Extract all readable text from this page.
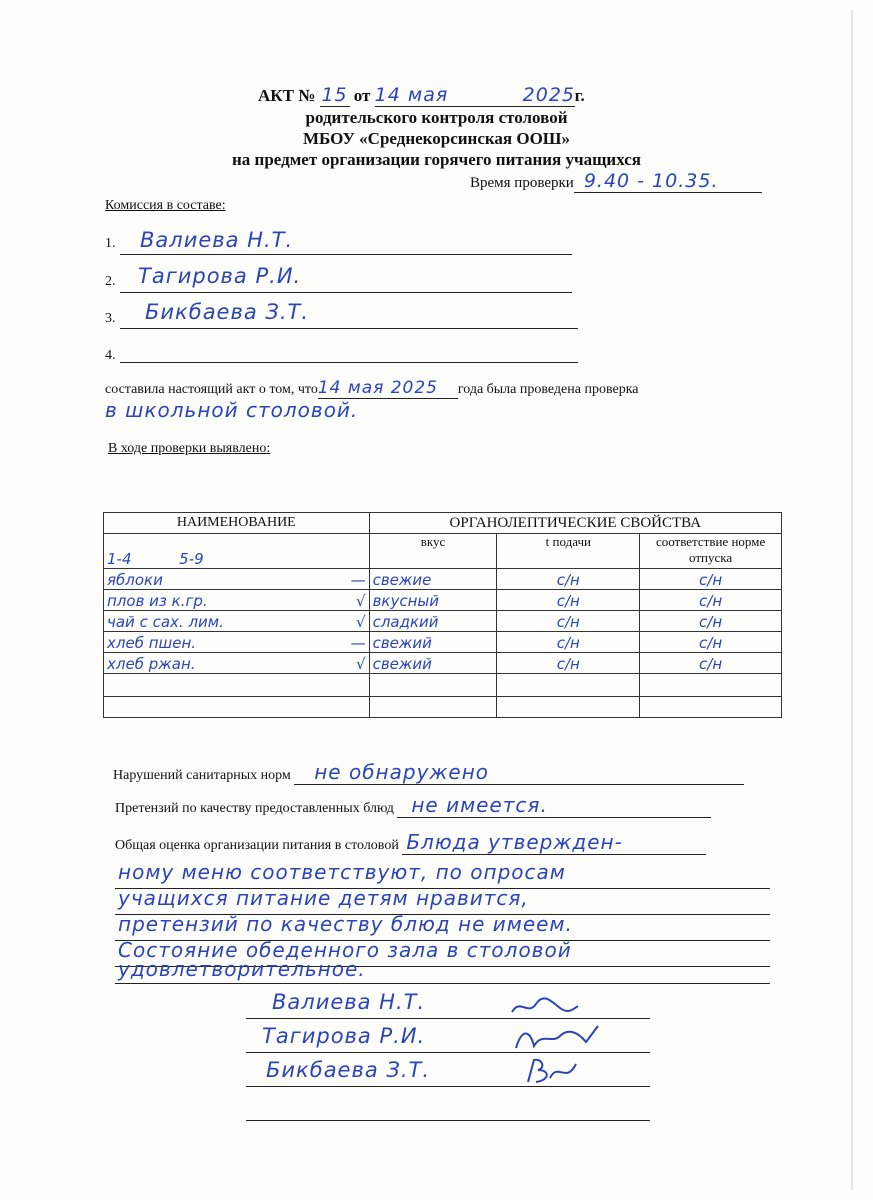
АКТ № 15 от 14 мая	2025г.
родительского контроля столовой
МБОУ «Среднекорсинская ООШ»
на предмет организации горячего питания учащихся
Время проверки 9.40 - 10.35.
Комиссия в составе:
1. Валиева Н.Т.
2. Тагирова Р.И.
3. Бикбаева З.Т.
4.
составила настоящий акт о том, что14 мая 2025 года была проведена проверка
в школьной столовой.
В ходе проверки выявлено:
НАИМЕНОВАНИЕ	ОРГАНОЛЕПТИЧЕСКИЕ СВОЙСТВА		
1-4          5-9	вкус	t подачи	соответствие норме отпуска
яблоки —	свежие	с/н	с/н
плов из к.гр. √	вкусный	с/н	с/н
чай с сах. лим. √	сладкий	с/н	с/н
хлеб пшен. —	свежий	с/н	с/н
хлеб ржан. √	свежий	с/н	с/н

Нарушений санитарных норм не обнаружено
Претензий по качеству предоставленных блюд не имеется.
Общая оценка организации питания в столовой Блюда утвержден-
ному меню соответствуют, по опросам
учащихся питание детям нравится,
претензий по качеству блюд не имеем.
Состояние обеденного зала в столовой
удовлетворительное.
Валиева Н.Т.
Тагирова Р.И.
Бикбаева З.Т.
